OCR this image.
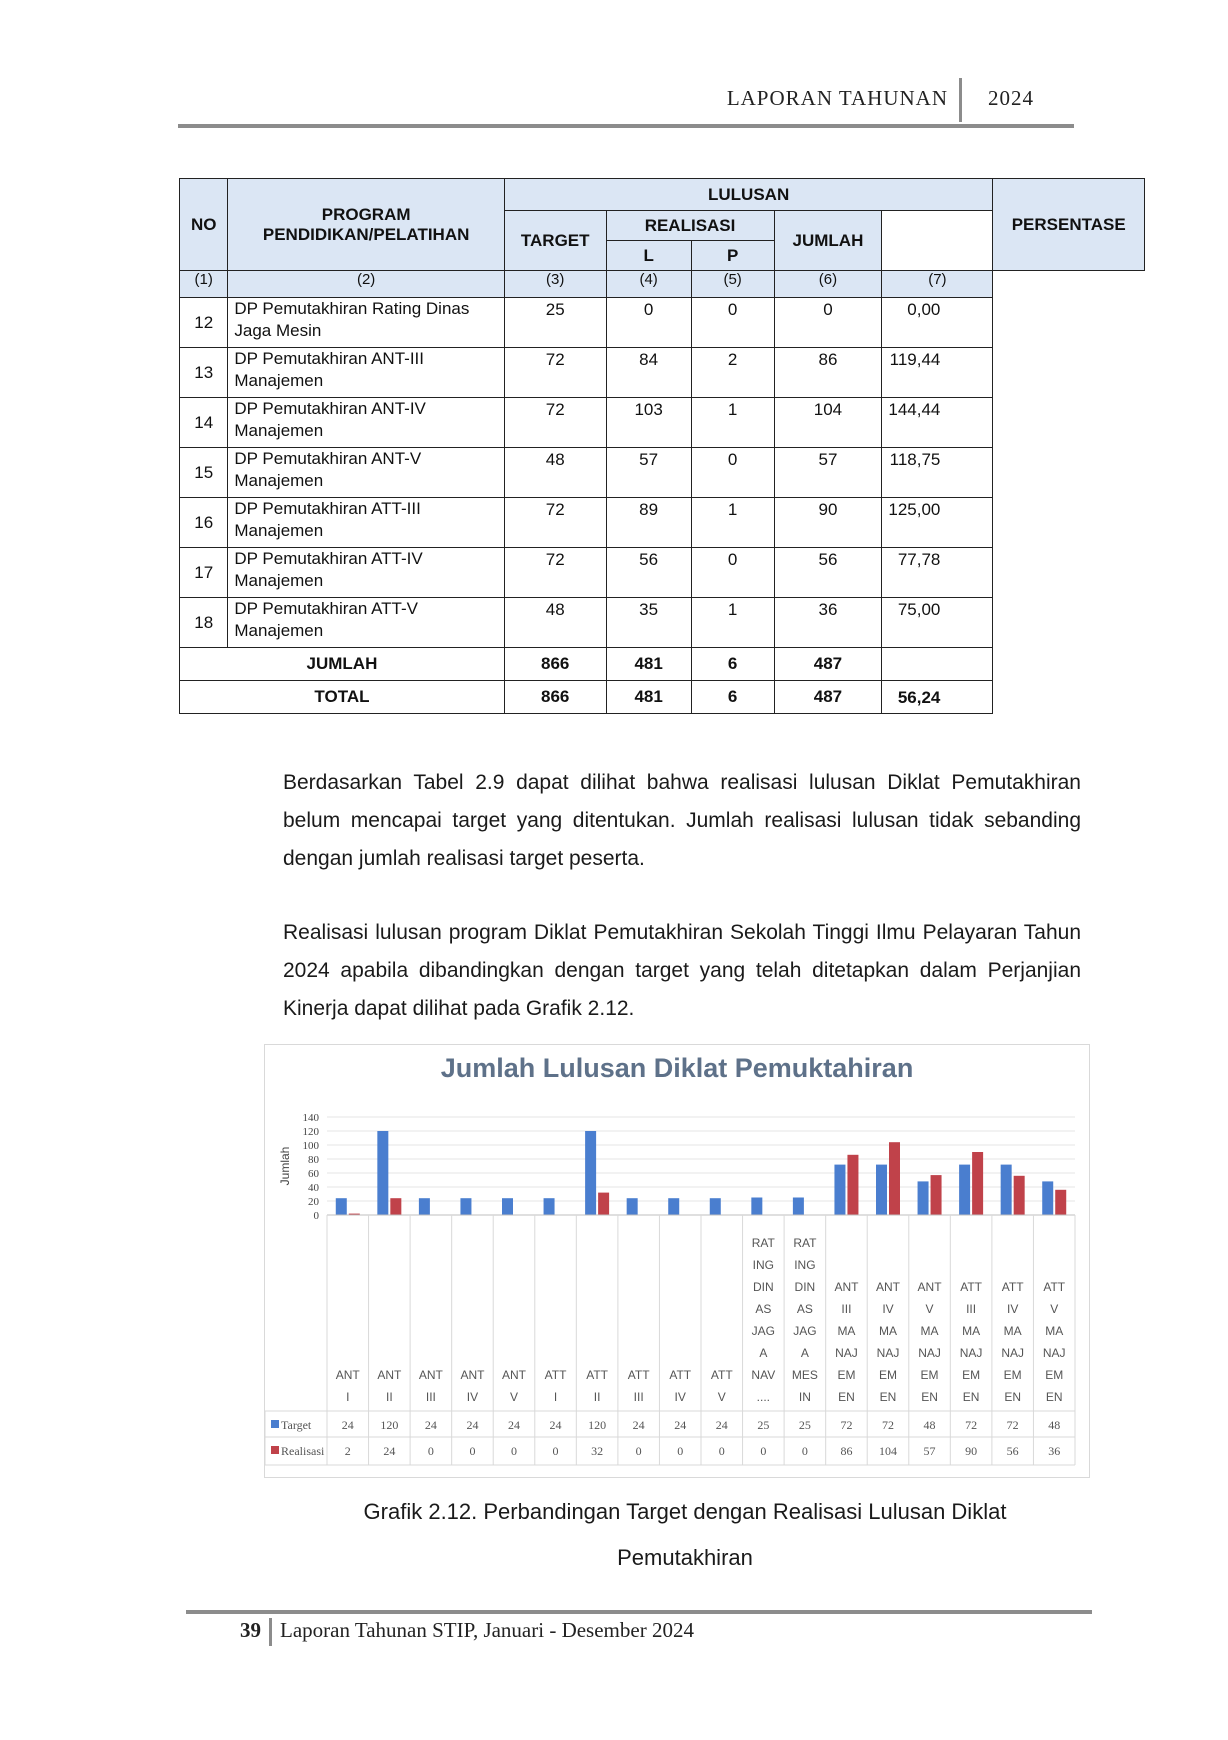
LAPORAN TAHUNAN 2024
NO	PROGRAM PENDIDIKAN/PELATIHAN	LULUSAN					PERSENTASE
		TARGET	REALISASI		JUMLAH		
			L	P			
(1)	(2)	(3)	(4)	(5)	(6)	(7)	
12	DP Pemutakhiran Rating Dinas Jaga Mesin	25	0	0	0	0,00	
13	DP Pemutakhiran ANT-III Manajemen	72	84	2	86	119,44	
14	DP Pemutakhiran ANT-IV Manajemen	72	103	1	104	144,44	
15	DP Pemutakhiran ANT-V Manajemen	48	57	0	57	118,75	
16	DP Pemutakhiran ATT-III Manajemen	72	89	1	90	125,00	
17	DP Pemutakhiran ATT-IV Manajemen	72	56	0	56	77,78	
18	DP Pemutakhiran ATT-V Manajemen	48	35	1	36	75,00	
JUMLAH		866	481	6	487		
TOTAL		866	481	6	487	56,24	
Berdasarkan Tabel 2.9 dapat dilihat bahwa realisasi lulusan Diklat Pemutakhiran belum mencapai target yang ditentukan. Jumlah realisasi lulusan tidak sebanding dengan jumlah realisasi target peserta.
Realisasi lulusan program Diklat Pemutakhiran Sekolah Tinggi Ilmu Pelayaran Tahun 2024 apabila dibandingkan dengan target yang telah ditetapkan dalam Perjanjian Kinerja dapat dilihat pada Grafik 2.12.
Jumlah Lulusan Diklat Pemuktahiran
0
20
40
60
80
100
120
140
Jumlah
ANT
I
ANT
II
ANT
III
ANT
IV
ANT
V
ATT
I
ATT
II
ATT
III
ATT
IV
ATT
V
RAT
ING
DIN
AS
JAG
A
NAV
....
RAT
ING
DIN
AS
JAG
A
MES
IN
ANT
III
MA
NAJ
EM
EN
ANT
IV
MA
NAJ
EM
EN
ANT
V
MA
NAJ
EM
EN
ATT
III
MA
NAJ
EM
EN
ATT
IV
MA
NAJ
EM
EN
ATT
V
MA
NAJ
EM
EN
Target	24 120 24 24 24 24 120 24 24 24 25 25 72 72 48 72 72 48
Realisasi 2	24	0	0	0	0	32	0	0	0	0	0	86 104 57 90 56 36
Grafik 2.12. Perbandingan Target dengan Realisasi Lulusan Diklat
Pemutakhiran
39 Laporan Tahunan STIP, Januari - Desember 2024
